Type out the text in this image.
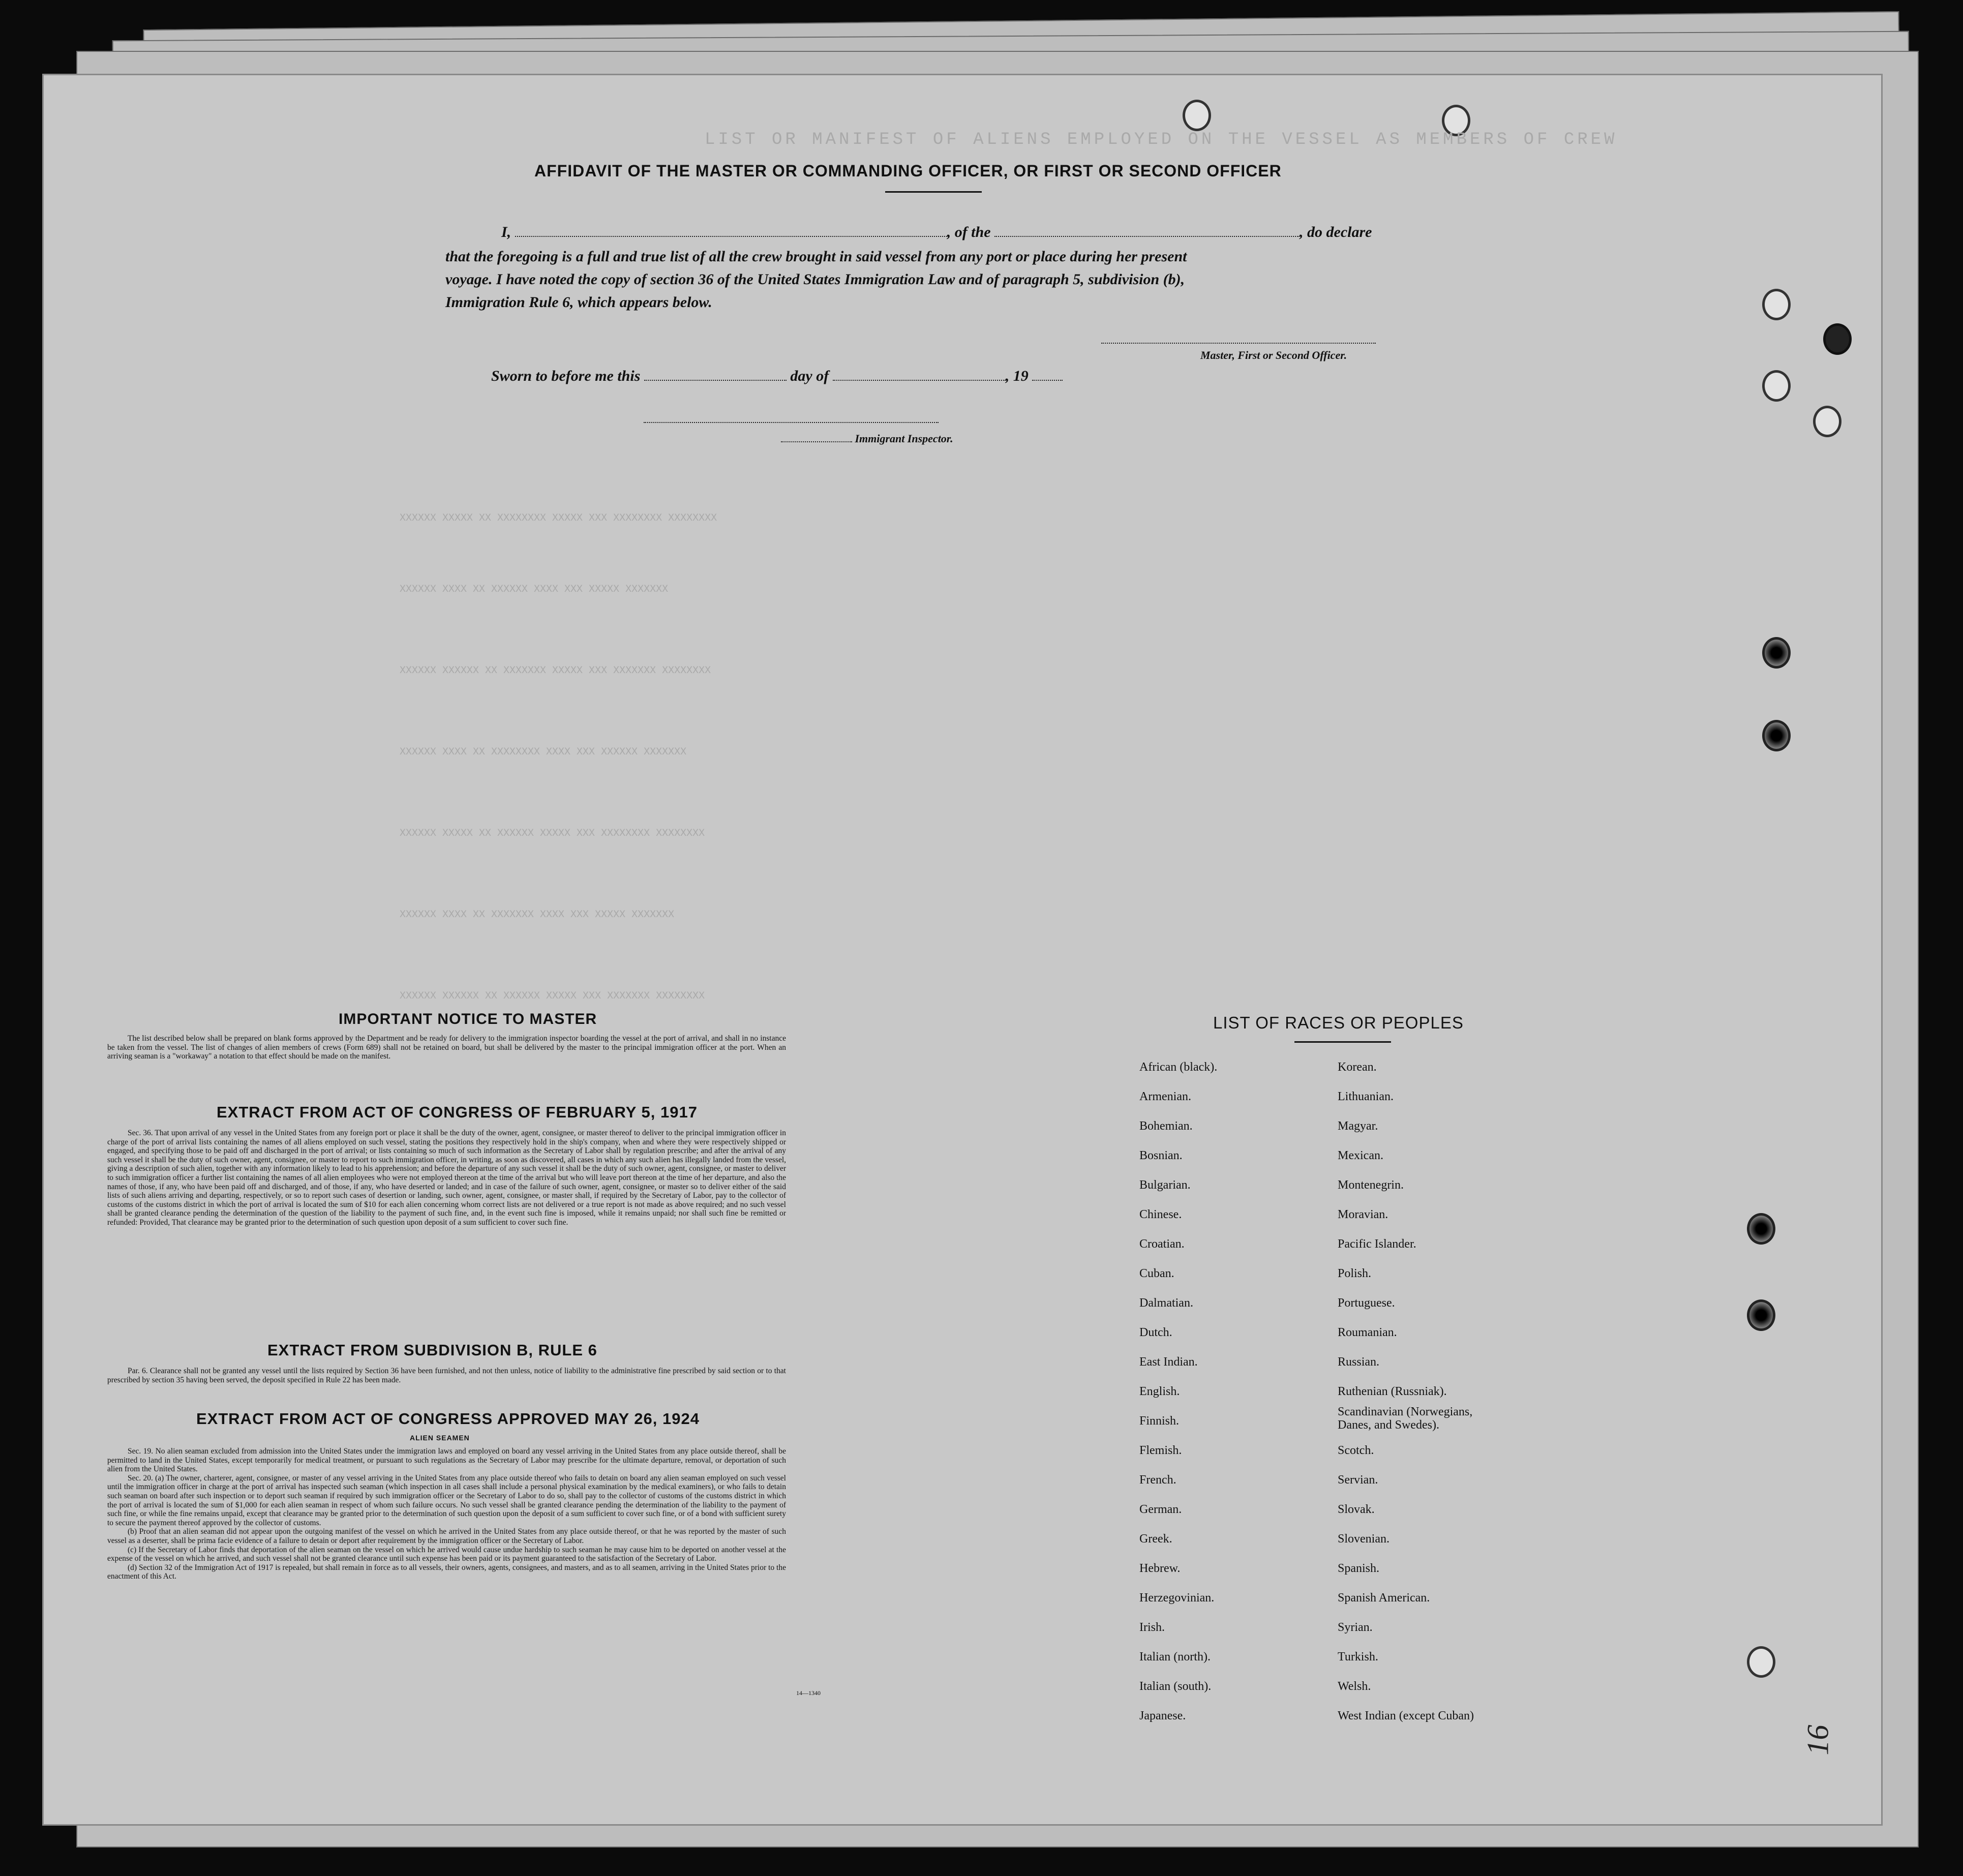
LIST OR MANIFEST OF ALIENS EMPLOYED ON THE VESSEL AS MEMBERS OF CREW
XXXXXX XXXXX XX XXXXXXXX XXXXX XXX XXXXXXXX XXXXXXXX
XXXXXX XXXX XX XXXXXX XXXX XXX XXXXX XXXXXXX
XXXXXX XXXXXX XX XXXXXXX XXXXX XXX XXXXXXX XXXXXXXX
XXXXXX XXXX XX XXXXXXXX XXXX XXX XXXXXX XXXXXXX
XXXXXX XXXXX XX XXXXXX XXXXX XXX XXXXXXXX XXXXXXXX
XXXXXX XXXX XX XXXXXXX XXXX XXX XXXXX XXXXXXX
XXXXXX XXXXXX XX XXXXXX XXXXX XXX XXXXXXX XXXXXXXX
AFFIDAVIT OF THE MASTER OR COMMANDING OFFICER, OR FIRST OR SECOND OFFICER
I,	, of the	, do declare
that the foregoing is a full and true list of all the crew brought in said vessel from any port or place during her present
voyage. I have noted the copy of section 36 of the United States Immigration Law and of paragraph 5, subdivision (b),
Immigration Rule 6, which appears below.
Master, First or Second Officer.
Sworn to before me this	day of	, 19
Immigrant Inspector.
IMPORTANT NOTICE TO MASTER

The list described below shall be prepared on blank forms approved by the Department and be ready for delivery to the immigration inspector boarding the vessel at the port of arrival, and shall in no instance be taken from the vessel. The list of changes of alien members of crews (Form 689) shall not be retained on board, but shall be delivered by the master to the principal immigration officer at the port. When an arriving seaman is a "workaway" a notation to that effect should be made on the manifest.

EXTRACT FROM ACT OF CONGRESS OF FEBRUARY 5, 1917

Sec. 36. That upon arrival of any vessel in the United States from any foreign port or place it shall be the duty of the owner, agent, consignee, or master thereof to deliver to the principal immigration officer in charge of the port of arrival lists containing the names of all aliens employed on such vessel, stating the positions they respectively hold in the ship's company, when and where they were respectively shipped or engaged, and specifying those to be paid off and discharged in the port of arrival; or lists containing so much of such information as the Secretary of Labor shall by regulation prescribe; and after the arrival of any such vessel it shall be the duty of such owner, agent, consignee, or master to report to such immigration officer, in writing, as soon as discovered, all cases in which any such alien has illegally landed from the vessel, giving a description of such alien, together with any information likely to lead to his apprehension; and before the departure of any such vessel it shall be the duty of such owner, agent, consignee, or master to deliver to such immigration officer a further list containing the names of all alien employees who were not employed thereon at the time of the arrival but who will leave port thereon at the time of her departure, and also the names of those, if any, who have been paid off and discharged, and of those, if any, who have deserted or landed; and in case of the failure of such owner, agent, consignee, or master so to deliver either of the said lists of such aliens arriving and departing, respectively, or so to report such cases of desertion or landing, such owner, agent, consignee, or master shall, if required by the Secretary of Labor, pay to the collector of customs of the customs district in which the port of arrival is located the sum of $10 for each alien concerning whom correct lists are not delivered or a true report is not made as above required; and no such vessel shall be granted clearance pending the determination of the question of the liability to the payment of such fine, and, in the event such fine is imposed, while it remains unpaid; nor shall such fine be remitted or refunded: Provided, That clearance may be granted prior to the determination of such question upon deposit of a sum sufficient to cover such fine.

EXTRACT FROM SUBDIVISION B, RULE 6

Par. 6. Clearance shall not be granted any vessel until the lists required by Section 36 have been furnished, and not then unless, notice of liability to the administrative fine prescribed by said section or to that prescribed by section 35 having been served, the deposit specified in Rule 22 has been made.

EXTRACT FROM ACT OF CONGRESS APPROVED MAY 26, 1924
ALIEN SEAMEN

Sec. 19. No alien seaman excluded from admission into the United States under the immigration laws and employed on board any vessel arriving in the United States from any place outside thereof, shall be permitted to land in the United States, except temporarily for medical treatment, or pursuant to such regulations as the Secretary of Labor may prescribe for the ultimate departure, removal, or deportation of such alien from the United States.

Sec. 20. (a) The owner, charterer, agent, consignee, or master of any vessel arriving in the United States from any place outside thereof who fails to detain on board any alien seaman employed on such vessel until the immigration officer in charge at the port of arrival has inspected such seaman (which inspection in all cases shall include a personal physical examination by the medical examiners), or who fails to detain such seaman on board after such inspection or to deport such seaman if required by such immigration officer or the Secretary of Labor to do so, shall pay to the collector of customs of the customs district in which the port of arrival is located the sum of $1,000 for each alien seaman in respect of whom such failure occurs. No such vessel shall be granted clearance pending the determination of the liability to the payment of such fine, or while the fine remains unpaid, except that clearance may be granted prior to the determination of such question upon the deposit of a sum sufficient to cover such fine, or of a bond with sufficient surety to secure the payment thereof approved by the collector of customs.

(b) Proof that an alien seaman did not appear upon the outgoing manifest of the vessel on which he arrived in the United States from any place outside thereof, or that he was reported by the master of such vessel as a deserter, shall be prima facie evidence of a failure to detain or deport after requirement by the immigration officer or the Secretary of Labor.

(c) If the Secretary of Labor finds that deportation of the alien seaman on the vessel on which he arrived would cause undue hardship to such seaman he may cause him to be deported on another vessel at the expense of the vessel on which he arrived, and such vessel shall not be granted clearance until such expense has been paid or its payment guaranteed to the satisfaction of the Secretary of Labor.

(d) Section 32 of the Immigration Act of 1917 is repealed, but shall remain in force as to all vessels, their owners, agents, consignees, and masters, and as to all seamen, arriving in the United States prior to the enactment of this Act.

14—1340
LIST OF RACES OR PEOPLES
16
African (black).
Armenian.
Bohemian.
Bosnian.
Bulgarian.
Chinese.
Croatian.
Cuban.
Dalmatian.
Dutch.
East Indian.
English.
Finnish.
Flemish.
French.
German.
Greek.
Hebrew.
Herzegovinian.
Irish.
Italian (north).
Italian (south).
Japanese.
Korean.
Lithuanian.
Magyar.
Mexican.
Montenegrin.
Moravian.
Pacific Islander.
Polish.
Portuguese.
Roumanian.
Russian.
Ruthenian (Russniak).
Scandinavian (Norwegians,
Danes, and Swedes).
Scotch.
Servian.
Slovak.
Slovenian.
Spanish.
Spanish American.
Syrian.
Turkish.
Welsh.
West Indian (except Cuban)
